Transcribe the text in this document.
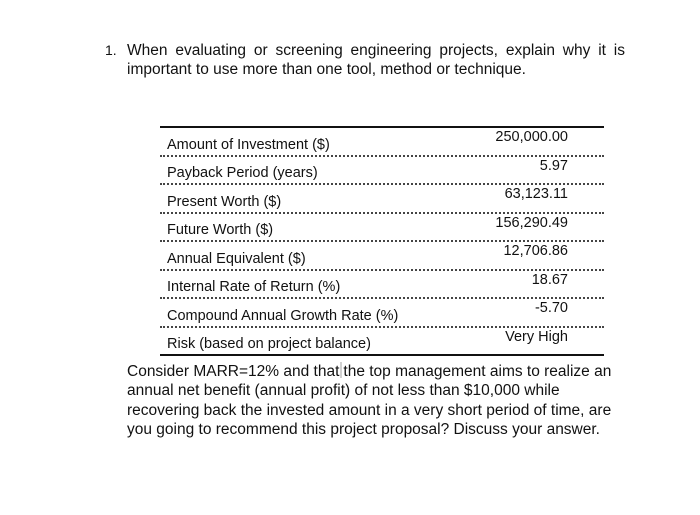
1. When evaluating or screening engineering projects, explain why it is important to use more than one tool, method or technique.
Amount of Investment ($)	250,000.00
Payback Period (years)	5.97
Present Worth ($)	63,123.11
Future Worth ($)	156,290.49
Annual Equivalent ($)	12,706.86
Internal Rate of Return (%)	18.67
Compound Annual Growth Rate (%)	-5.70
Risk (based on project balance)	Very High
Consider MARR=12% and that the top management aims to realize an annual net benefit (annual profit) of not less than $10,000 while recovering back the invested amount in a very short period of time, are you going to recommend this project proposal? Discuss your answer.
